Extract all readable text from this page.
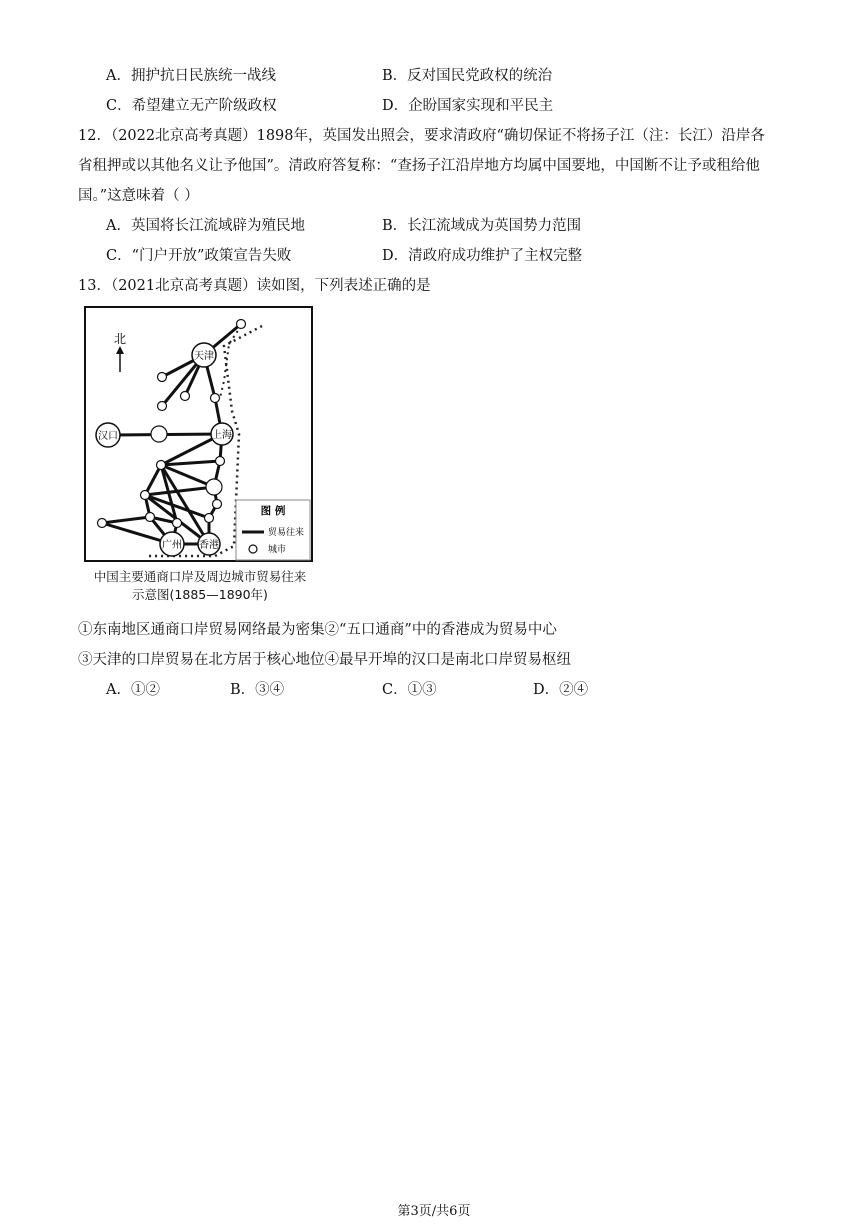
A．拥护抗日民族统一战线	B．反对国民党政权的统治
C．希望建立无产阶级政权	D．企盼国家实现和平民主
12．（2022北京高考真题）1898年，英国发出照会，要求清政府“确切保证不将扬子江（注：长江）沿岸各
省租押或以其他名义让予他国”。清政府答复称：“查扬子江沿岸地方均属中国要地，中国断不让予或租给他
国。”这意味着（ ）
A．英国将长江流域辟为殖民地	B．长江流域成为英国势力范围
C．“门户开放”政策宣告失败	D．清政府成功维护了主权完整
13．（2021北京高考真题）读如图，下列表述正确的是
北
天津
汉口	上海
广州 香港
图 例
贸易往来
城市
中国主要通商口岸及周边城市贸易往来
示意图(1885—1890年)
①东南地区通商口岸贸易网络最为密集②“五口通商”中的香港成为贸易中心
③天津的口岸贸易在北方居于核心地位④最早开埠的汉口是南北口岸贸易枢纽
A．①②	B．③④	C．①③	D．②④
第3页/共6页
